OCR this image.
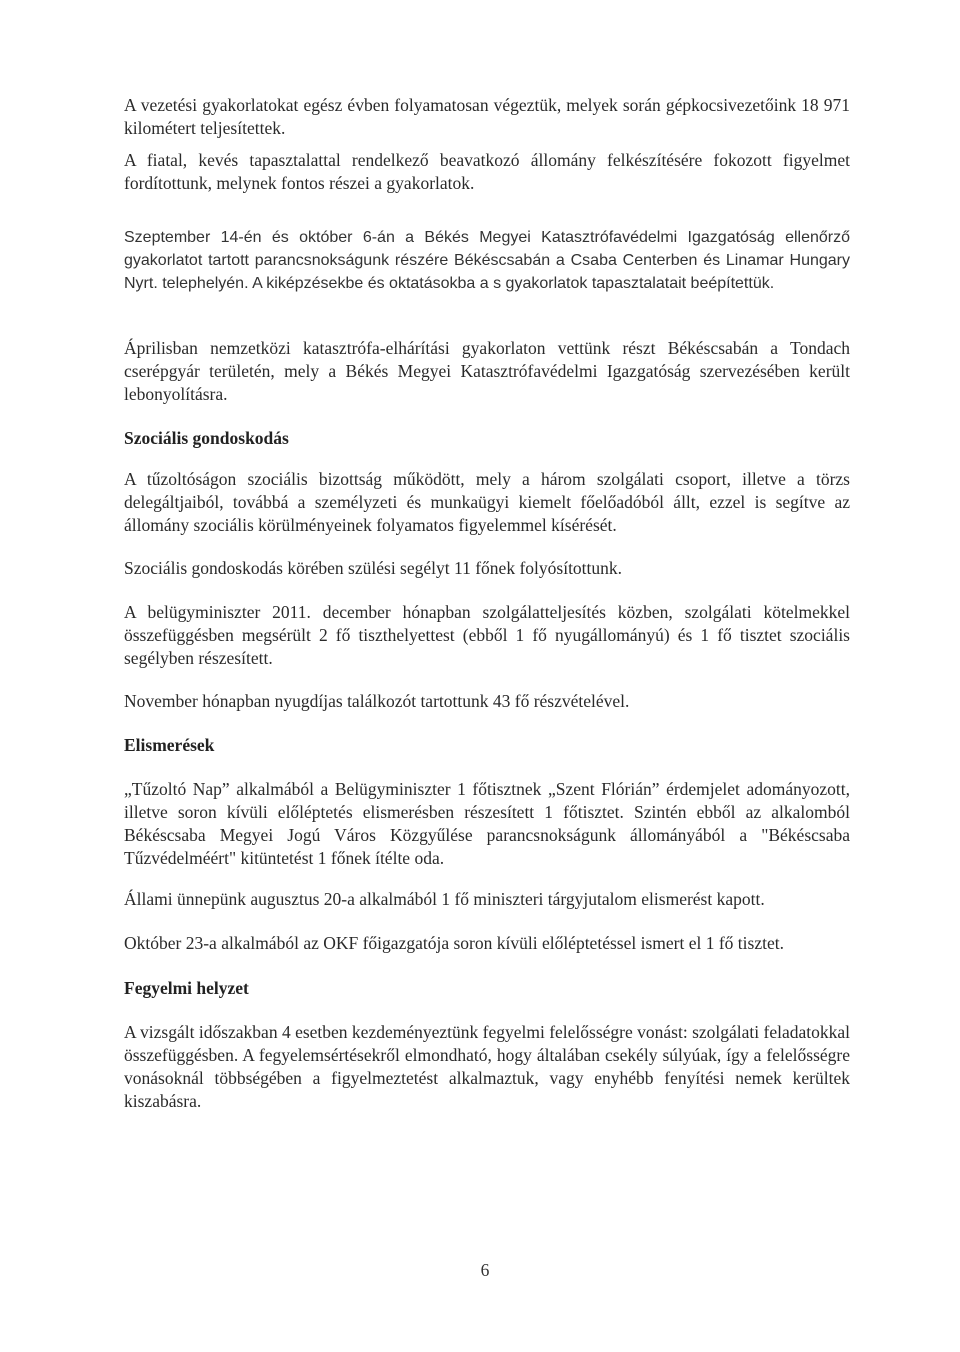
A vezetési gyakorlatokat egész évben folyamatosan végeztük, melyek során gépkocsivezetőink 18 971 kilométert teljesítettek.

A fiatal, kevés tapasztalattal rendelkező beavatkozó állomány felkészítésére fokozott figyelmet fordítottunk, melynek fontos részei a gyakorlatok.

Szeptember 14-én és október 6-án a Békés Megyei Katasztrófavédelmi Igazgatóság ellenőrző gyakorlatot tartott parancsnokságunk részére Békéscsabán a Csaba Centerben és Linamar Hungary Nyrt. telephelyén. A kiképzésekbe és oktatásokba a s gyakorlatok tapasztalatait beépítettük.

Áprilisban nemzetközi katasztrófa-elhárítási gyakorlaton vettünk részt Békéscsabán a Tondach cserépgyár területén, mely a Békés Megyei Katasztrófavédelmi Igazgatóság szervezésében került lebonyolításra.

Szociális gondoskodás

A tűzoltóságon szociális bizottság működött, mely a három szolgálati csoport, illetve a törzs delegáltjaiból, továbbá a személyzeti és munkaügyi kiemelt főelőadóból állt, ezzel is segítve az állomány szociális körülményeinek folyamatos figyelemmel kísérését.

Szociális gondoskodás körében szülési segélyt 11 főnek folyósítottunk.

A belügyminiszter 2011. december hónapban szolgálatteljesítés közben, szolgálati kötelmekkel összefüggésben megsérült 2 fő tiszthelyettest (ebből 1 fő nyugállományú) és 1 fő tisztet szociális segélyben részesített.

November hónapban nyugdíjas találkozót tartottunk 43 fő részvételével.

Elismerések

„Tűzoltó Nap” alkalmából a Belügyminiszter 1 főtisztnek „Szent Flórián” érdemjelet adományozott, illetve soron kívüli előléptetés elismerésben részesített 1 főtisztet. Szintén ebből az alkalomból Békéscsaba Megyei Jogú Város Közgyűlése parancsnokságunk állományából a "Békéscsaba Tűzvédelméért" kitüntetést 1 főnek ítélte oda.

Állami ünnepünk augusztus 20-a alkalmából 1 fő miniszteri tárgyjutalom elismerést kapott.

Október 23-a alkalmából az OKF főigazgatója soron kívüli előléptetéssel ismert el 1 fő tisztet.

Fegyelmi helyzet

A vizsgált időszakban 4 esetben kezdeményeztünk fegyelmi felelősségre vonást: szolgálati feladatokkal összefüggésben. A fegyelemsértésekről elmondható, hogy általában csekély súlyúak, így a felelősségre vonásoknál többségében a figyelmeztetést alkalmaztuk, vagy enyhébb fenyítési nemek kerültek kiszabásra.

6
